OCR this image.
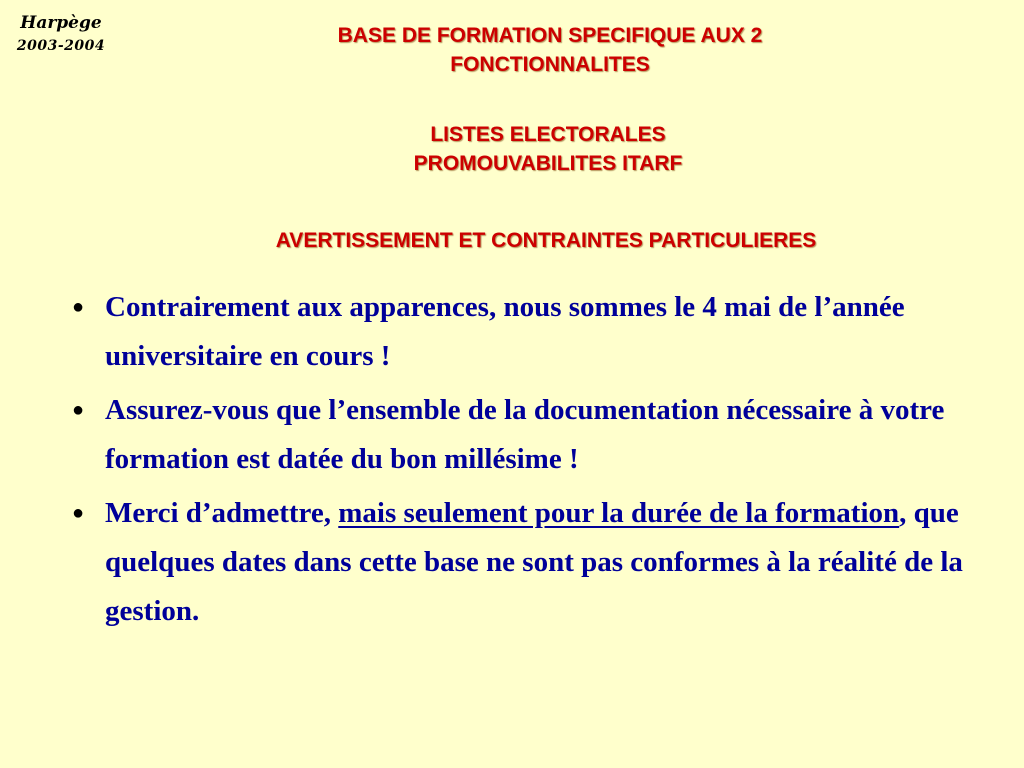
Harpège
2003-2004	BASE DE FORMATION SPECIFIQUE AUX 2
FONCTIONNALITES
LISTES ELECTORALES
PROMOUVABILITES ITARF
AVERTISSEMENT ET CONTRAINTES PARTICULIERES
● Contrairement aux apparences, nous sommes le 4 mai de l’année universitaire en cours !
● Assurez-vous que l’ensemble de la documentation nécessaire à votre formation est datée du bon millésime !
● Merci d’admettre, mais seulement pour la durée de la formation, que quelques dates dans cette base ne sont pas conformes à la réalité de la gestion.
